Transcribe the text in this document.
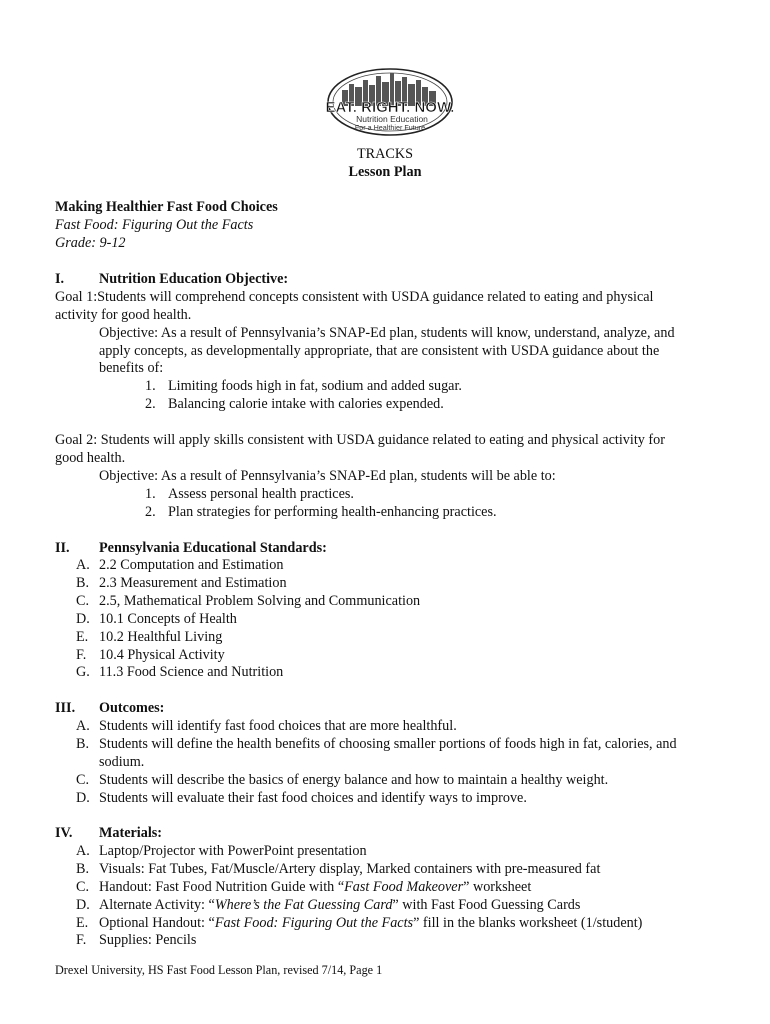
EAT. RIGHT. NOW.
Nutrition Education
For a Healthier Future
TRACKS
Lesson Plan
Making Healthier Fast Food Choices
Fast Food: Figuring Out the Facts
Grade: 9-12
I. Nutrition Education Objective:
Goal 1:Students will comprehend concepts consistent with USDA guidance related to eating and physical
activity for good health.
Objective: As a result of Pennsylvania’s SNAP-Ed plan, students will know, understand, analyze, and
apply concepts, as developmentally appropriate, that are consistent with USDA guidance about the
benefits of:
1. Limiting foods high in fat, sodium and added sugar.
2. Balancing calorie intake with calories expended.
Goal 2: Students will apply skills consistent with USDA guidance related to eating and physical activity for
good health.
Objective: As a result of Pennsylvania’s SNAP-Ed plan, students will be able to:
1. Assess personal health practices.
2. Plan strategies for performing health-enhancing practices.
II. Pennsylvania Educational Standards:
A. 2.2 Computation and Estimation
B. 2.3 Measurement and Estimation
C. 2.5, Mathematical Problem Solving and Communication
D. 10.1 Concepts of Health
E. 10.2 Healthful Living
F. 10.4 Physical Activity
G. 11.3 Food Science and Nutrition
III. Outcomes:
A. Students will identify fast food choices that are more healthful.
B. Students will define the health benefits of choosing smaller portions of foods high in fat, calories, and
sodium.
C. Students will describe the basics of energy balance and how to maintain a healthy weight.
D. Students will evaluate their fast food choices and identify ways to improve.
IV. Materials:
A. Laptop/Projector with PowerPoint presentation
B. Visuals: Fat Tubes, Fat/Muscle/Artery display, Marked containers with pre-measured fat
C. Handout: Fast Food Nutrition Guide with “Fast Food Makeover” worksheet
D. Alternate Activity: “Where’s the Fat Guessing Card” with Fast Food Guessing Cards
E. Optional Handout: “Fast Food: Figuring Out the Facts” fill in the blanks worksheet (1/student)
F. Supplies: Pencils
Drexel University, HS Fast Food Lesson Plan, revised 7/14, Page 1
